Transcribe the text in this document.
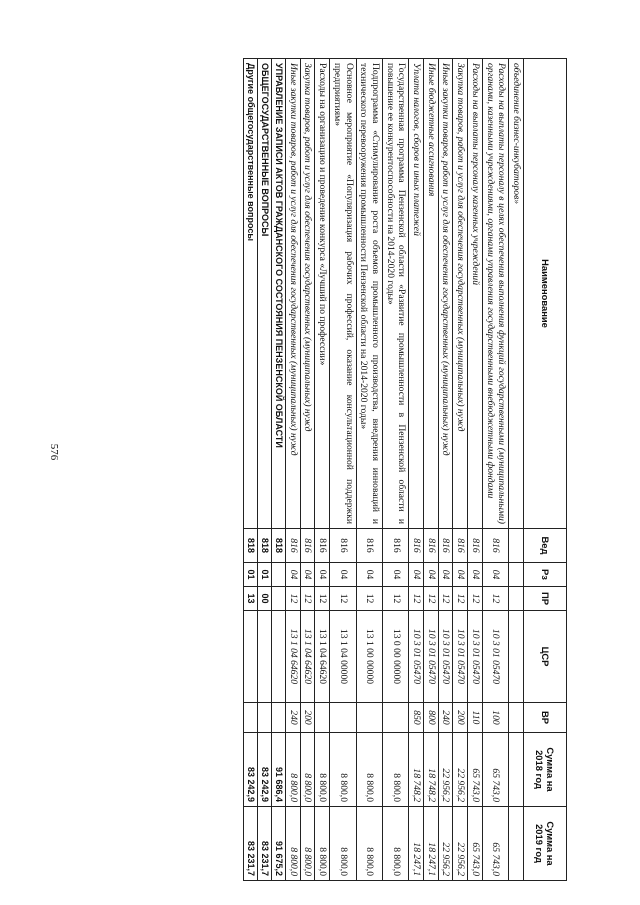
576
Наименование	Вед	Рз	ПР	ЦСР	ВР	Сумма на 2018 год	Сумма на 2019 год
объединение бизнес-инкубаторов»							
Расходы на выплаты персоналу в целях обеспечения выполнения функций государственными (муниципальными) органами, казенными учреждениями, органами управления государственными внебюджетными фондами	816	04	12	10 3 01 05470	100	65 743,0	65 743,0
Расходы на выплаты персоналу казенных учреждений	816	04	12	10 3 01 05470	110	65 743,0	65 743,0
Закупка товаров, работ и услуг для обеспечения государственных (муниципальных) нужд	816	04	12	10 3 01 05470	200	22 956,2	22 956,2
Иные закупки товаров, работ и услуг для обеспечения государственных (муниципальных) нужд	816	04	12	10 3 01 05470	240	22 956,2	22 956,2
Иные бюджетные ассигнования	816	04	12	10 3 01 05470	800	18 748,2	18 247,1
Уплата налогов, сборов и иных платежей	816	04	12	10 3 01 05470	850	18 748,2	18 247,1
Государственная программа Пензенской области «Развитие промышленности в Пензенской области и повышение ее конкурентоспособности на 2014-2020 годы»	816	04	12	13 0 00 00000		8 800,0	8 800,0
Подпрограмма «Стимулирование роста объемов промышленного производства, внедрения инноваций и технического перевооружения промышленности Пензенской области на 2014-2020 годы»	816	04	12	13 1 00 00000		8 800,0	8 800,0
Основное мероприятие «Популяризация рабочих профессий, оказание консультационной поддержки предприятиям»	816	04	12	13 1 04 00000		8 800,0	8 800,0
Расходы на организацию и проведение конкурса «Лучший по профессии»	816	04	12	13 1 04 64620		8 800,0	8 800,0
Закупка товаров, работ и услуг для обеспечения государственных (муниципальных) нужд	816	04	12	13 1 04 64620	200	8 800,0	8 800,0
Иные закупки товаров, работ и услуг для обеспечения государственных (муниципальных) нужд	816	04	12	13 1 04 64620	240	8 800,0	8 800,0
УПРАВЛЕНИЕ ЗАПИСИ АКТОВ ГРАЖДАНСКОГО СОСТОЯНИЯ ПЕНЗЕНСКОЙ ОБЛАСТИ	818					91 686,4	91 675,2
ОБЩЕГОСУДАРСТВЕННЫЕ ВОПРОСЫ	818	01	00			83 242,9	83 231,7
Другие общегосударственные вопросы	818	01	13			83 242,9	83 231,7
